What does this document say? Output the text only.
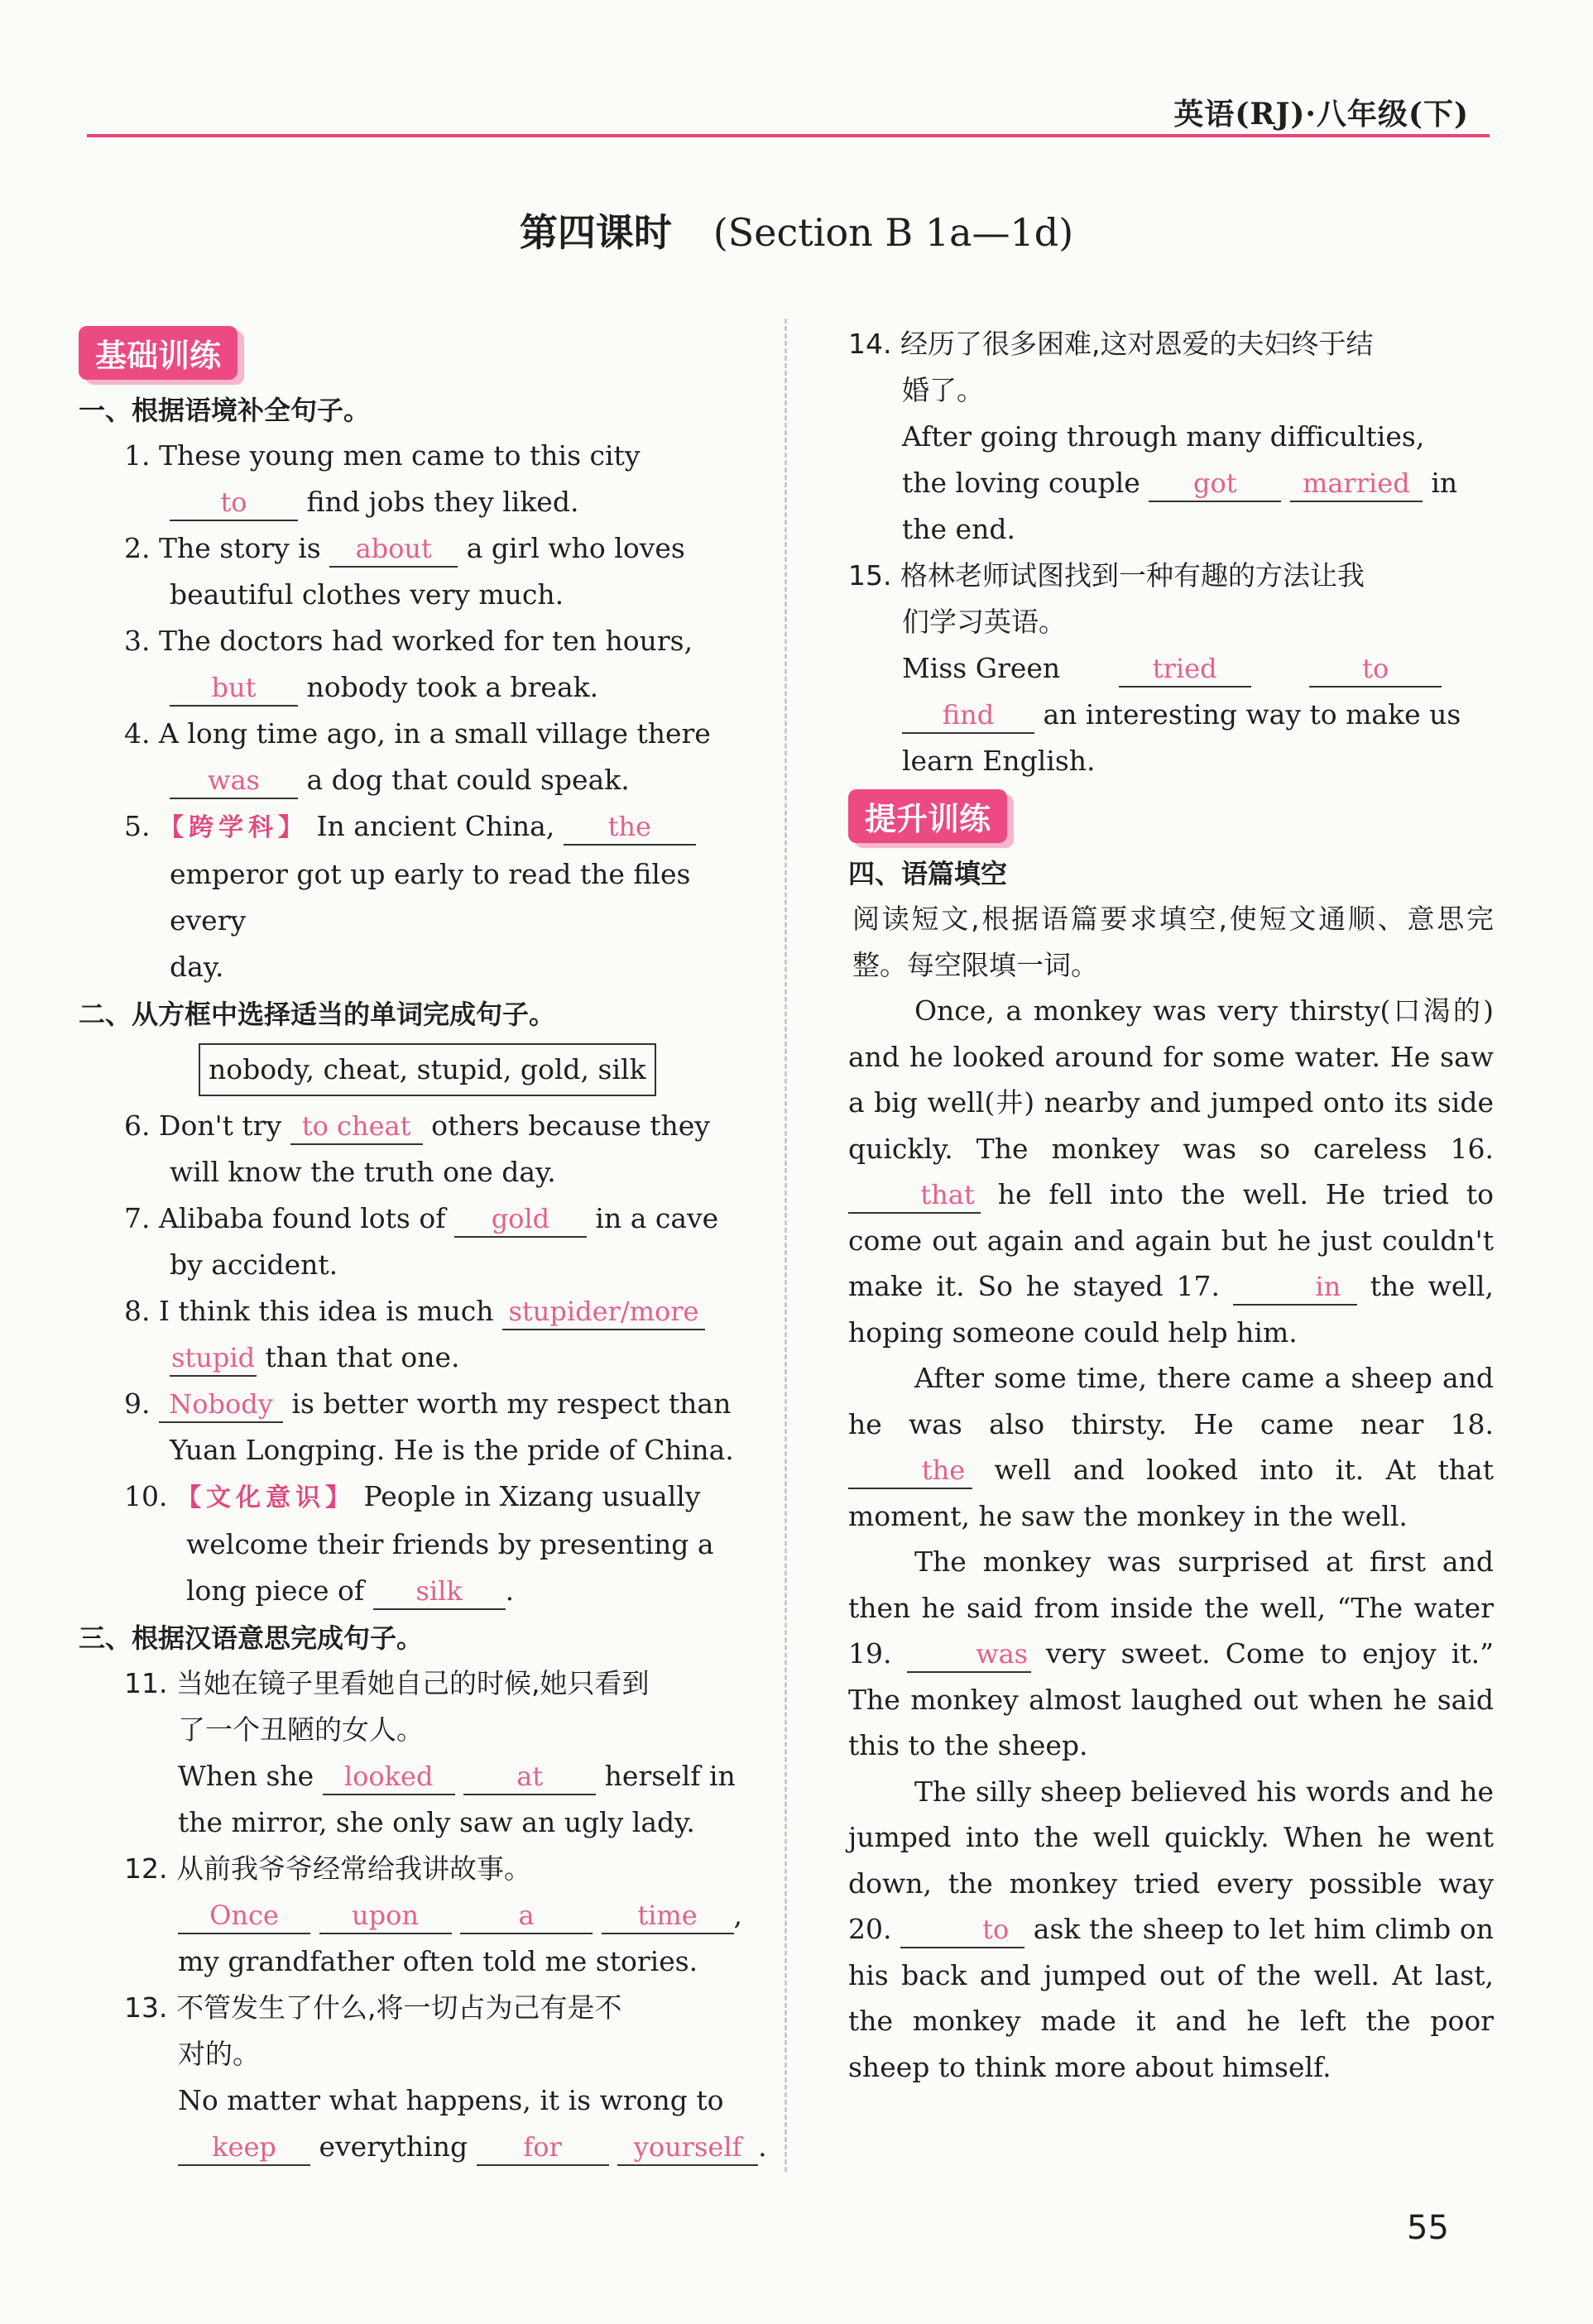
英语(RJ)·八年级(下)
第四课时 (Section B 1a—1d)
基础训练
一、根据语境补全句子。
1. These young men came to this city
to find jobs they liked.
2. The story is about a girl who loves
beautiful clothes very much.
3. The doctors had worked for ten hours,
but nobody took a break.
4. A long time ago, in a small village there
was a dog that could speak.
5. 【跨学科】 In ancient China, the
emperor got up early to read the files every
day.
二、从方框中选择适当的单词完成句子。
nobody, cheat, stupid, gold, silk
6. Don't try to cheat others because they
will know the truth one day.
7. Alibaba found lots of gold in a cave
by accident.
8. I think this idea is much stupider/more
stupid than that one.
9. Nobody is better worth my respect than
Yuan Longping. He is the pride of China.
10. 【文化意识】 People in Xizang usually
welcome their friends by presenting a
long piece of silk .
三、根据汉语意思完成句子。
11. 当她在镜子里看她自己的时候,她只看到
了一个丑陋的女人。
When she looked	at herself in
the mirror, she only saw an ugly lady.
12. 从前我爷爷经常给我讲故事。
Once	upon	a	time ,
my grandfather often told me stories.
13. 不管发生了什么,将一切占为己有是不
对的。
No matter what happens, it is wrong to
keep everything for	yourself .
14. 经历了很多困难,这对恩爱的夫妇终于结
婚了。
After going through many difficulties,
the loving couple got married in
the end.
15. 格林老师试图找到一种有趣的方法让我
们学习英语。
Miss Green	tried	to
find an interesting way to make us
learn English.
提升训练
四、语篇填空
阅读短文,根据语篇要求填空,使短文通顺、意思完整。每空限填一词。

Once, a monkey was very thirsty(口渴的) and he looked around for some water. He saw a big well(井) nearby and jumped onto its side quickly. The monkey was so careless 16. that he fell into the well. He tried to come out again and again but he just couldn't make it. So he stayed 17.	in the well, hoping someone could help him.

After some time, there came a sheep and he was also thirsty. He came near 18. the well and looked into it. At that moment, he saw the monkey in the well.

The monkey was surprised at first and then he said from inside the well, “The water 19.	was very sweet. Come to enjoy it.” The monkey almost laughed out when he said this to the sheep.

The silly sheep believed his words and he jumped into the well quickly. When he went down, the monkey tried every possible way 20.	to ask the sheep to let him climb on his back and jumped out of the well. At last, the monkey made it and he left the poor sheep to think more about himself.

55
